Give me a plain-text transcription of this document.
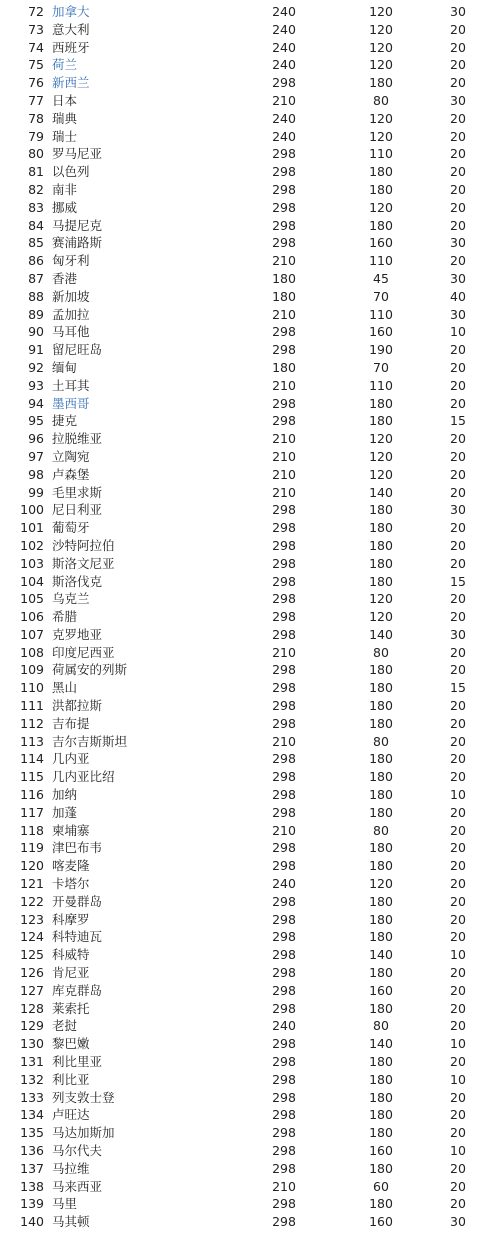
72 加拿大	240	120	30
73 意大利	240	120	20
74 西班牙	240	120	20
75 荷兰	240	120	20
76 新西兰	298	180	20
77 日本	210	80	30
78 瑞典	240	120	20
79 瑞士	240	120	20
80 罗马尼亚	298	110	20
81 以色列	298	180	20
82 南非	298	180	20
83 挪威	298	120	20
84 马提尼克	298	180	20
85 赛浦路斯	298	160	30
86 匈牙利	210	110	20
87 香港	180	45	30
88 新加坡	180	70	40
89 孟加拉	210	110	30
90 马耳他	298	160	10
91 留尼旺岛	298	190	20
92 缅甸	180	70	20
93 土耳其	210	110	20
94 墨西哥	298	180	20
95 捷克	298	180	15
96 拉脱维亚	210	120	20
97 立陶宛	210	120	20
98 卢森堡	210	120	20
99 毛里求斯	210	140	20
100 尼日利亚	298	180	30
101 葡萄牙	298	180	20
102 沙特阿拉伯	298	180	20
103 斯洛文尼亚	298	180	20
104 斯洛伐克	298	180	15
105 乌克兰	298	120	20
106 希腊	298	120	20
107 克罗地亚	298	140	30
108 印度尼西亚	210	80	20
109 荷属安的列斯	298	180	20
110 黑山	298	180	15
111 洪都拉斯	298	180	20
112 吉布提	298	180	20
113 吉尔吉斯斯坦	210	80	20
114 几内亚	298	180	20
115 几内亚比绍	298	180	20
116 加纳	298	180	10
117 加蓬	298	180	20
118 柬埔寨	210	80	20
119 津巴布韦	298	180	20
120 喀麦隆	298	180	20
121 卡塔尔	240	120	20
122 开曼群岛	298	180	20
123 科摩罗	298	180	20
124 科特迪瓦	298	180	20
125 科威特	298	140	10
126 肯尼亚	298	180	20
127 库克群岛	298	160	20
128 莱索托	298	180	20
129 老挝	240	80	20
130 黎巴嫩	298	140	10
131 利比里亚	298	180	20
132 利比亚	298	180	10
133 列支敦士登	298	180	20
134 卢旺达	298	180	20
135 马达加斯加	298	180	20
136 马尔代夫	298	160	10
137 马拉维	298	180	20
138 马来西亚	210	60	20
139 马里	298	180	20
140 马其顿	298	160	30
